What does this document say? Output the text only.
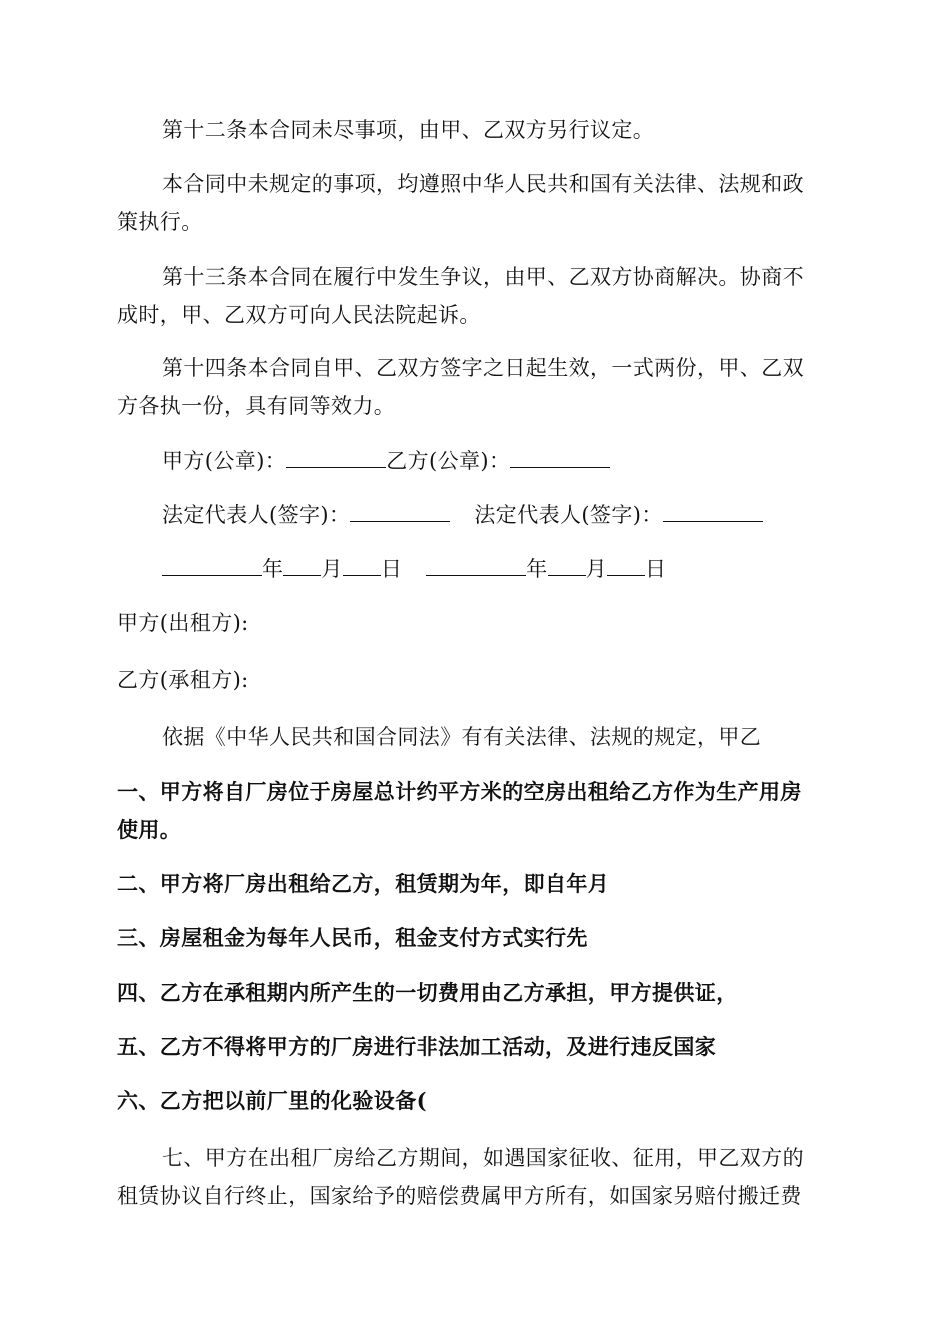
第十二条本合同未尽事项，由甲、乙双方另行议定。
本合同中未规定的事项，均遵照中华人民共和国有关法律、法规和政
策执行。
第十三条本合同在履行中发生争议，由甲、乙双方协商解决。协商不
成时，甲、乙双方可向人民法院起诉。
第十四条本合同自甲、乙双方签字之日起生效，一式两份，甲、乙双
方各执一份，具有同等效力。
甲方(公章)：	乙方(公章)：
法定代表人(签字)：	法定代表人(签字)：
年 月 日	年 月 日
甲方(出租方):
乙方(承租方):
依据《中华人民共和国合同法》有有关法律、法规的规定，甲乙
一、甲方将自厂房位于房屋总计约平方米的空房出租给乙方作为生产用房
使用。
二、甲方将厂房出租给乙方，租赁期为年，即自年月
三、房屋租金为每年人民币，租金支付方式实行先
四、乙方在承租期内所产生的一切费用由乙方承担，甲方提供证，
五、乙方不得将甲方的厂房进行非法加工活动，及进行违反国家
六、乙方把以前厂里的化验设备(
七、甲方在出租厂房给乙方期间，如遇国家征收、征用，甲乙双方的
租赁协议自行终止，国家给予的赔偿费属甲方所有，如国家另赔付搬迁费
